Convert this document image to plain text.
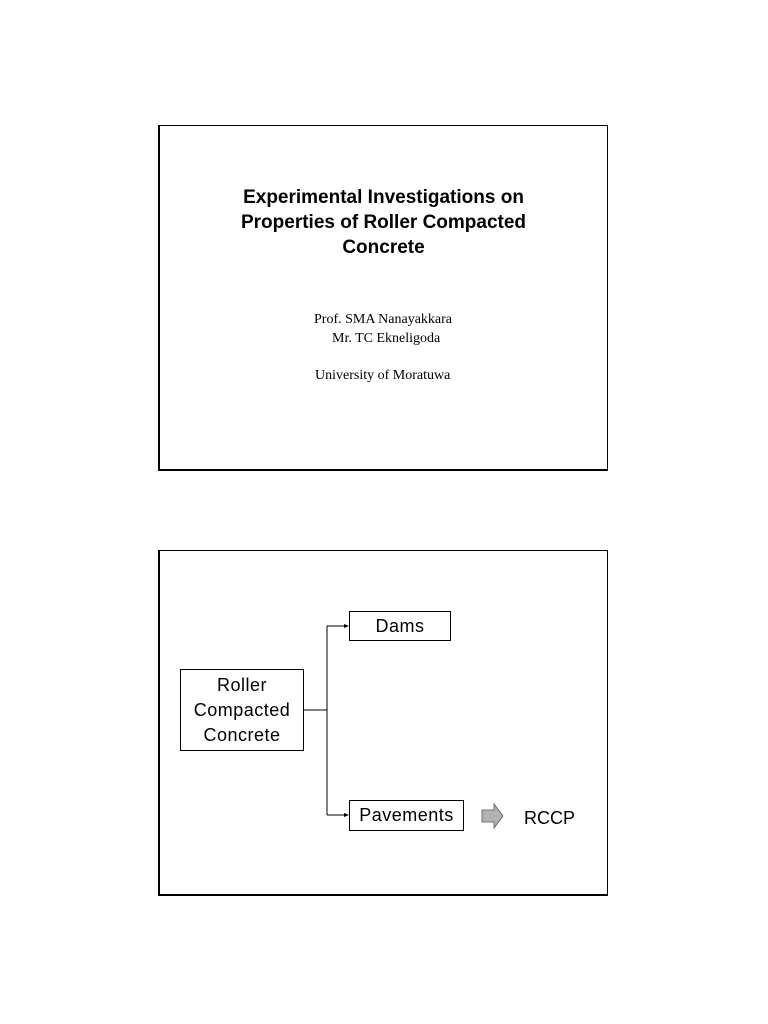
Experimental Investigations on
Properties of Roller Compacted
Concrete
Prof. SMA Nanayakkara
Mr. TC Ekneligoda
University of Moratuwa
Roller
Compacted
Concrete
Dams
Pavements	RCCP
